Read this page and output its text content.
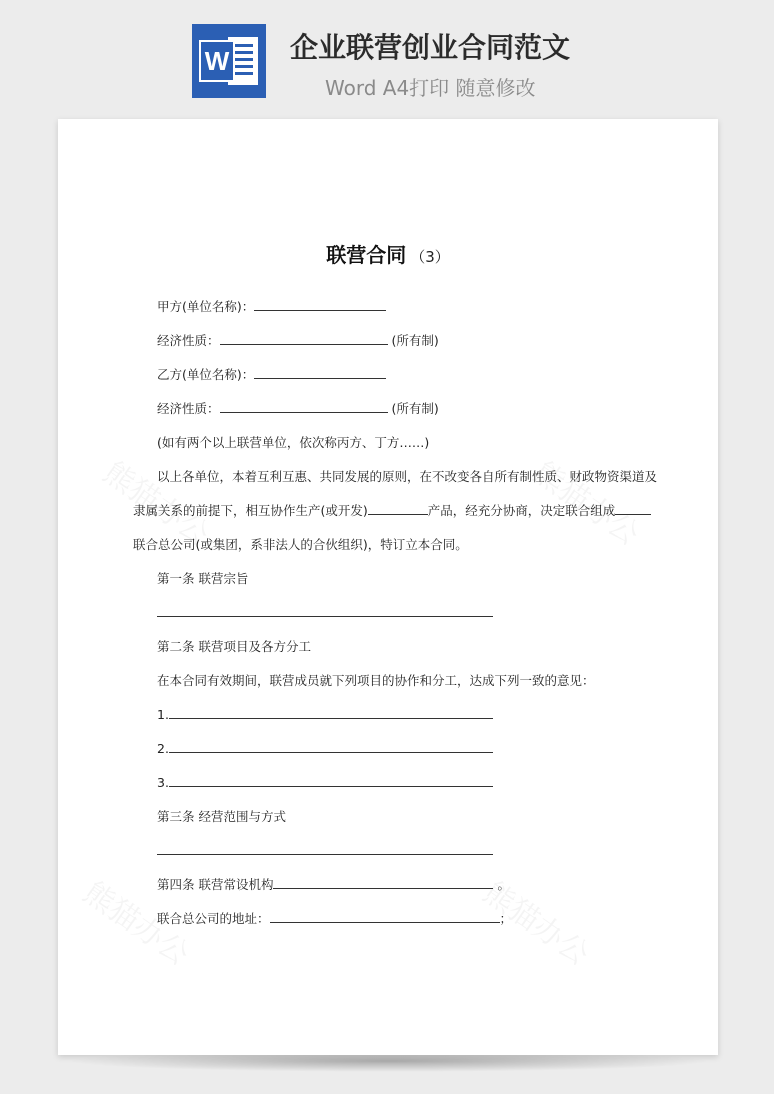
W 企业联营创业合同范文
Word A4打印 随意修改
联营合同 （3）
甲方(单位名称)：
经济性质：	(所有制)
乙方(单位名称)：
经济性质：	(所有制)
(如有两个以上联营单位，依次称丙方、丁方……)
以上各单位，本着互利互惠、共同发展的原则，在不改变各自所有制性质、财政物资渠道及
隶属关系的前提下，相互协作生产(或开发)	产品，经充分协商，决定联合组成
联合总公司(或集团，系非法人的合伙组织)，特订立本合同。
第一条 联营宗旨
第二条 联营项目及各方分工
在本合同有效期间，联营成员就下列项目的协作和分工，达成下列一致的意见：
1.
2.
3.
第三条 经营范围与方式
第四条 联营常设机构	。
联合总公司的地址：	；
